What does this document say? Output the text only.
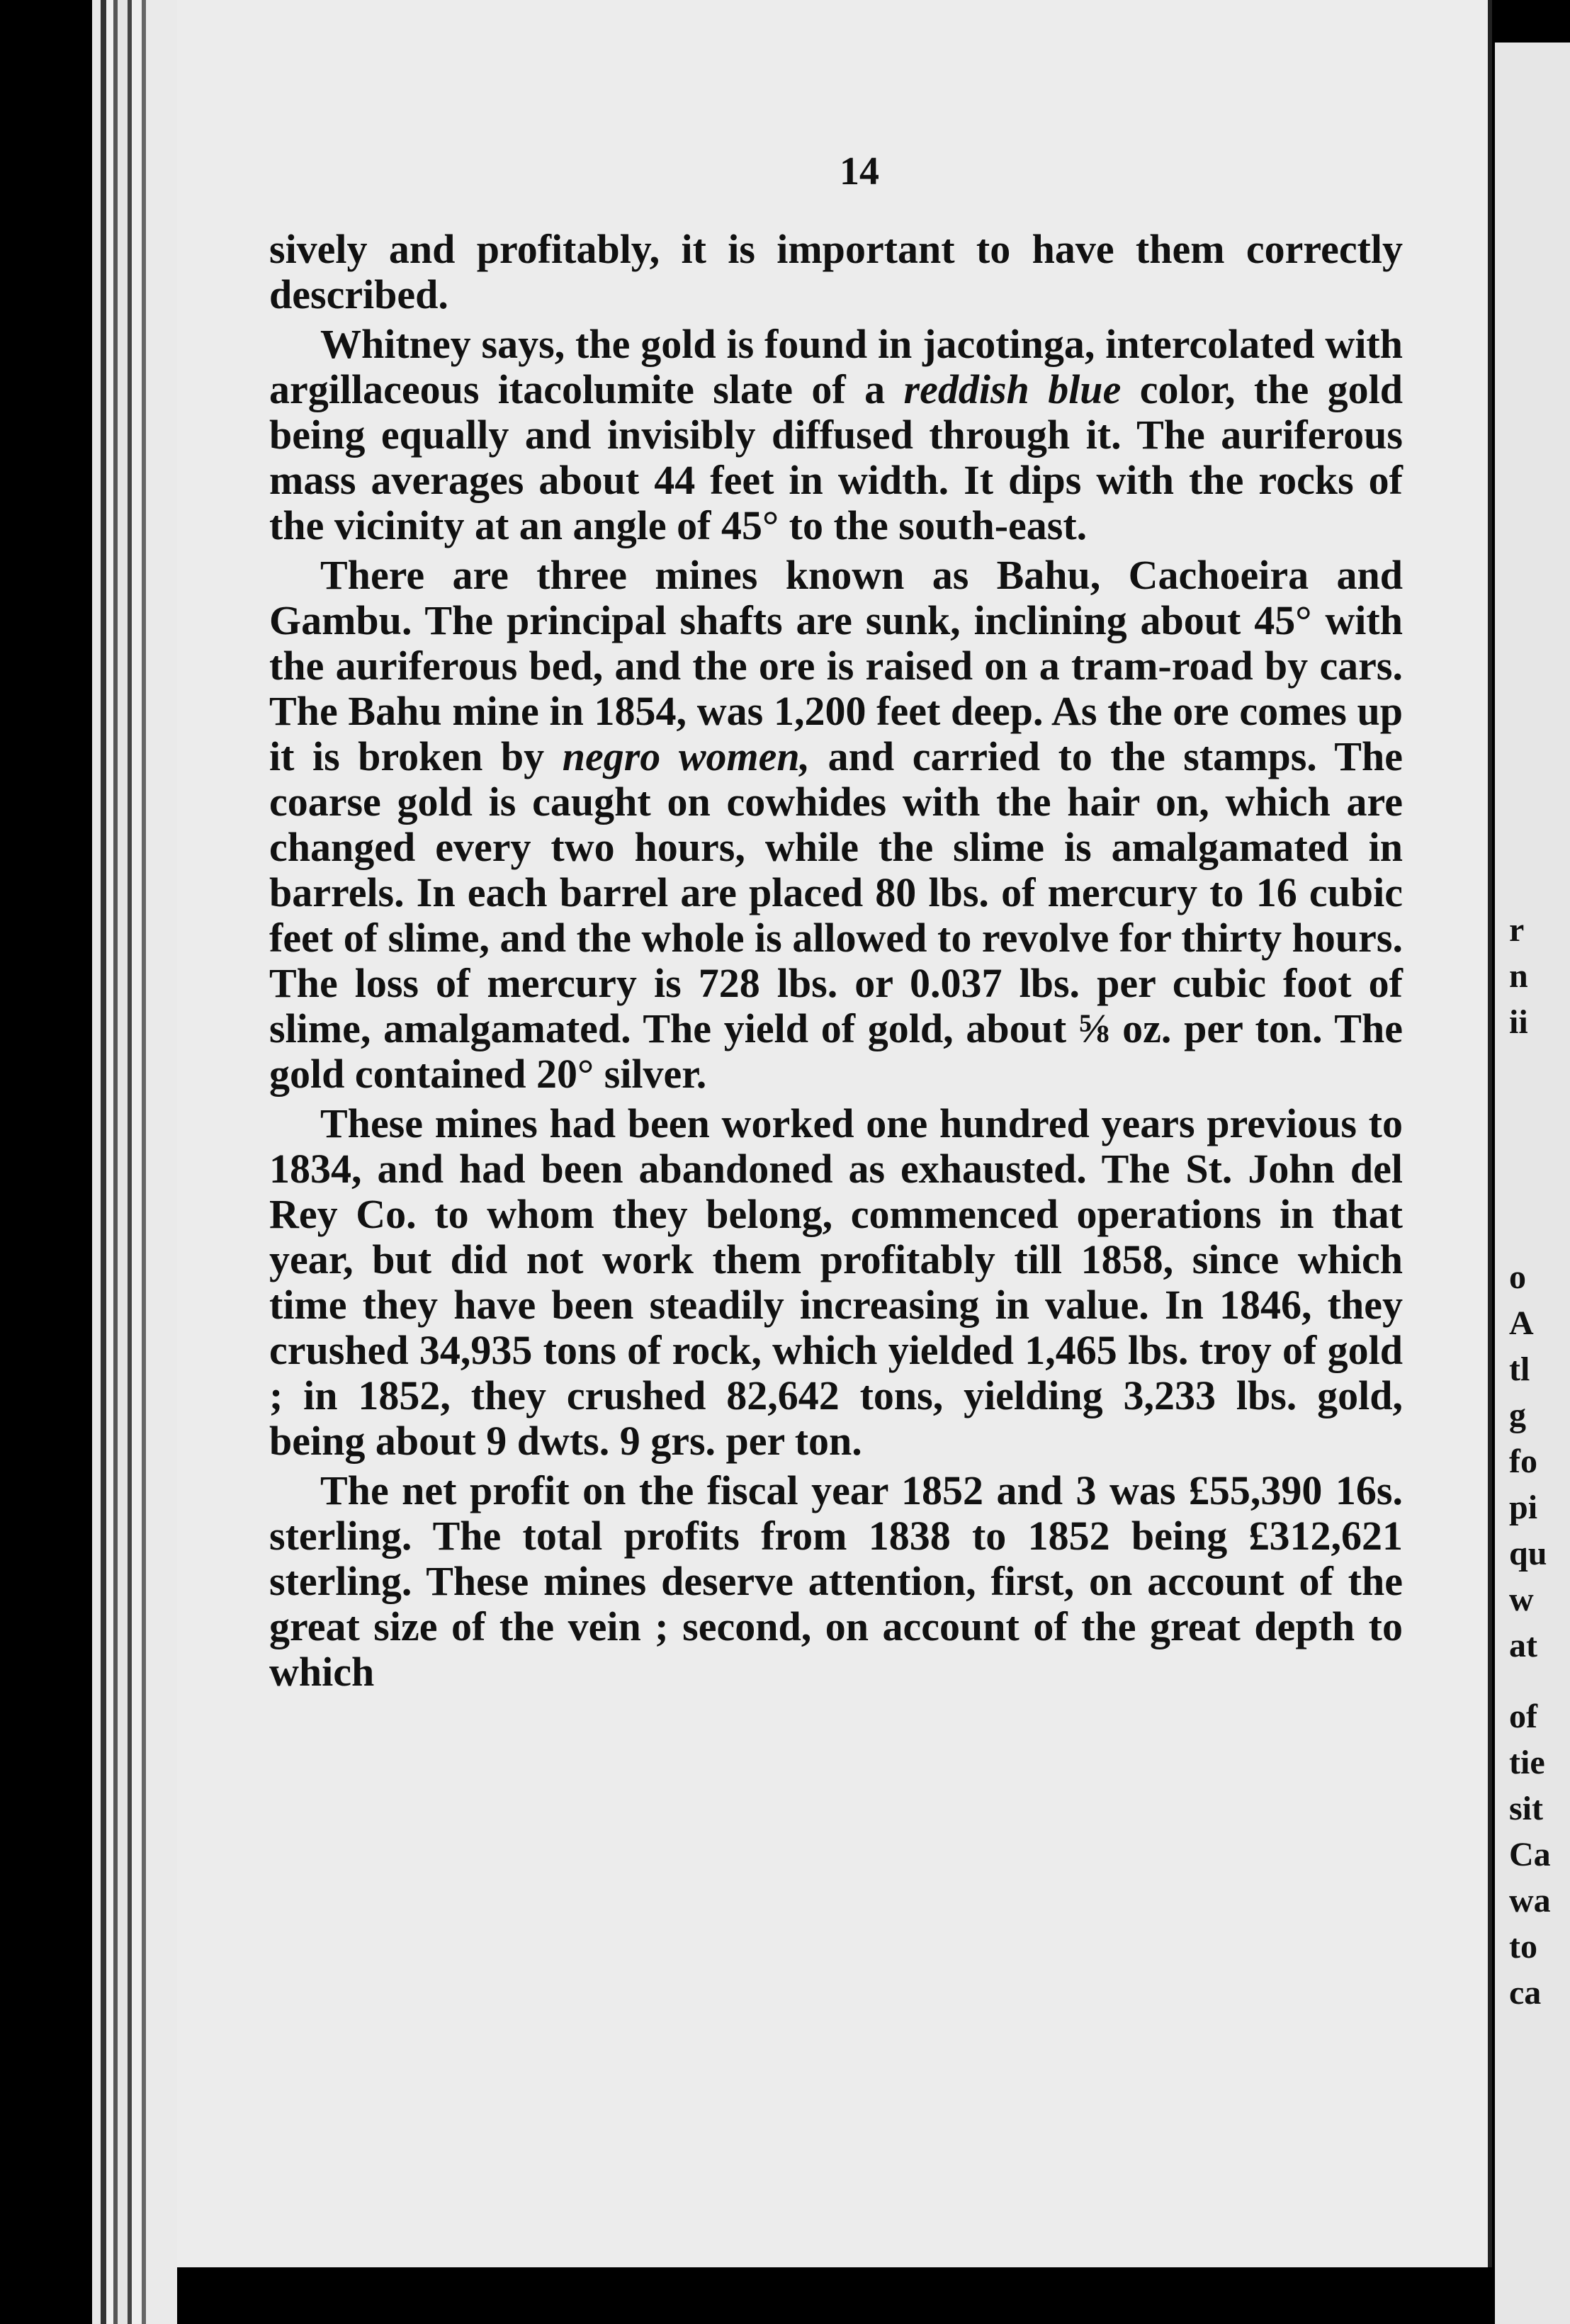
r
n
ii
o
A
tl
g
fo
pi
qu
w
at
of
tie
sit
Ca
wa
to
ca
14

sively and profitably, it is important to have them correctly described.

Whitney says, the gold is found in jacotinga, intercolated with argillaceous itacolumite slate of a reddish blue color, the gold being equally and invisibly diffused through it. The auriferous mass averages about 44 feet in width. It dips with the rocks of the vicinity at an angle of 45° to the south-east.

There are three mines known as Bahu, Cachoeira and Gambu. The principal shafts are sunk, inclining about 45° with the auriferous bed, and the ore is raised on a tram-road by cars. The Bahu mine in 1854, was 1,200 feet deep. As the ore comes up it is broken by negro women, and carried to the stamps. The coarse gold is caught on cowhides with the hair on, which are changed every two hours, while the slime is amalgamated in barrels. In each barrel are placed 80 lbs. of mercury to 16 cubic feet of slime, and the whole is allowed to revolve for thirty hours. The loss of mercury is 728 lbs. or 0.037 lbs. per cubic foot of slime, amalgamated. The yield of gold, about ⅝ oz. per ton. The gold contained 20° silver.

These mines had been worked one hundred years previous to 1834, and had been abandoned as exhausted. The St. John del Rey Co. to whom they belong, commenced operations in that year, but did not work them profitably till 1858, since which time they have been steadily increasing in value. In 1846, they crushed 34,935 tons of rock, which yielded 1,465 lbs. troy of gold ; in 1852, they crushed 82,642 tons, yielding 3,233 lbs. gold, being about 9 dwts. 9 grs. per ton.

The net profit on the fiscal year 1852 and 3 was £55,390 16s. sterling. The total profits from 1838 to 1852 being £312,621 sterling. These mines deserve attention, first, on account of the great size of the vein ; second, on account of the great depth to which
